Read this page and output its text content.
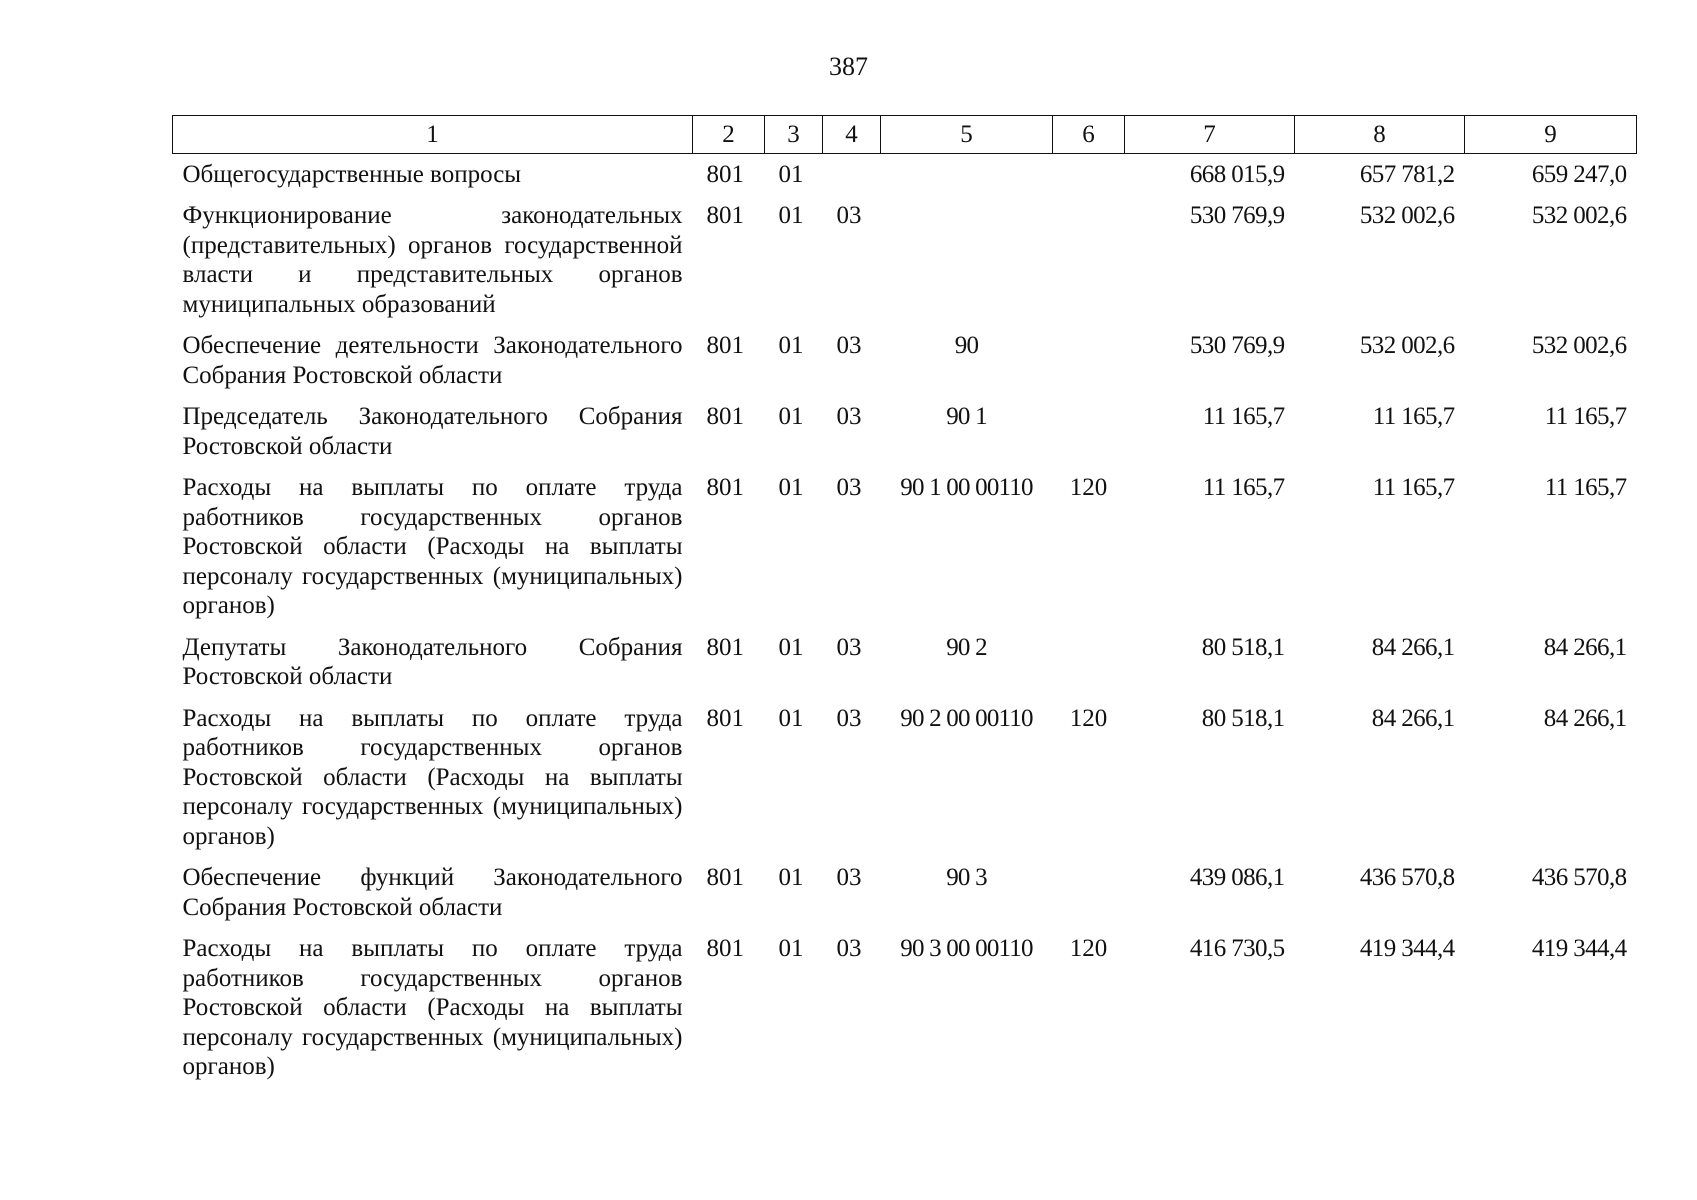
387
1	2	3	4	5	6	7	8	9
Общегосударственные вопросы	801	01				668 015,9	657 781,2	659 247,0
Функционирование законодательных (представительных) органов государственной власти и представительных органов муниципальных образований	801	01	03			530 769,9	532 002,6	532 002,6
Обеспечение деятельности Законодательного Собрания Ростовской области	801	01	03	90		530 769,9	532 002,6	532 002,6
Председатель Законодательного Собрания Ростовской области	801	01	03	90 1		11 165,7	11 165,7	11 165,7
Расходы на выплаты по оплате труда работников государственных органов Ростовской области (Расходы на выплаты персоналу государственных (муниципальных) органов)	801	01	03	90 1 00 00110	120	11 165,7	11 165,7	11 165,7
Депутаты Законодательного Собрания Ростовской области	801	01	03	90 2		80 518,1	84 266,1	84 266,1
Расходы на выплаты по оплате труда работников государственных органов Ростовской области (Расходы на выплаты персоналу государственных (муниципальных) органов)	801	01	03	90 2 00 00110	120	80 518,1	84 266,1	84 266,1
Обеспечение функций Законодательного Собрания Ростовской области	801	01	03	90 3		439 086,1	436 570,8	436 570,8
Расходы на выплаты по оплате труда работников государственных органов Ростовской области (Расходы на выплаты персоналу государственных (муниципальных) органов)	801	01	03	90 3 00 00110	120	416 730,5	419 344,4	419 344,4
